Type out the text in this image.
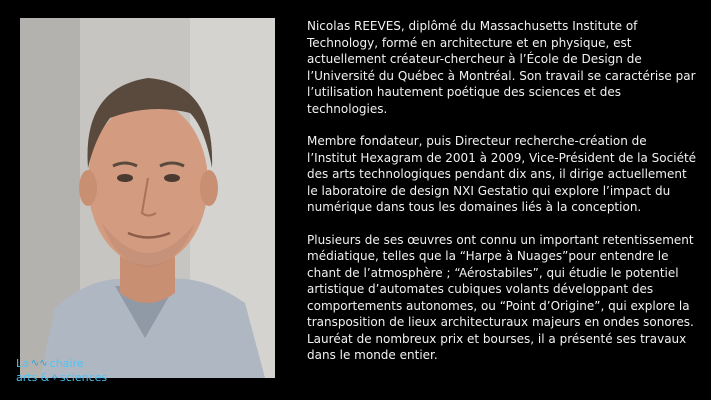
Nicolas REEVES, diplômé du Massachusetts Institute of Technology, formé en architecture et en physique, est actuellement créateur-chercheur à l’École de Design de l’Université du Québec à Montréal. Son travail se caractérise par l’utilisation hautement poétique des sciences et des technologies.

Membre fondateur, puis Directeur recherche-création de l’Institut Hexagram de 2001 à 2009, Vice-Président de la Société des arts technologiques pendant dix ans, il dirige actuellement le laboratoire de design NXI Gestatio qui explore l’impact du numérique dans tous les domaines liés à la conception.

Plusieurs de ses œuvres ont connu un important retentissement médiatique, telles que la “Harpe à Nuages”pour entendre le chant de l’atmosphère ; “Aérostabiles”, qui étudie le potentiel artistique d’automates cubiques volants développant des comportements autonomes, ou “Point d’Origine”, qui explore la transposition de lieux architecturaux majeurs en ondes sonores. Lauréat de nombreux prix et bourses, il a présenté ses travaux dans le monde entier.

La ∿∿ chaire
arts & ⟡ sciences
